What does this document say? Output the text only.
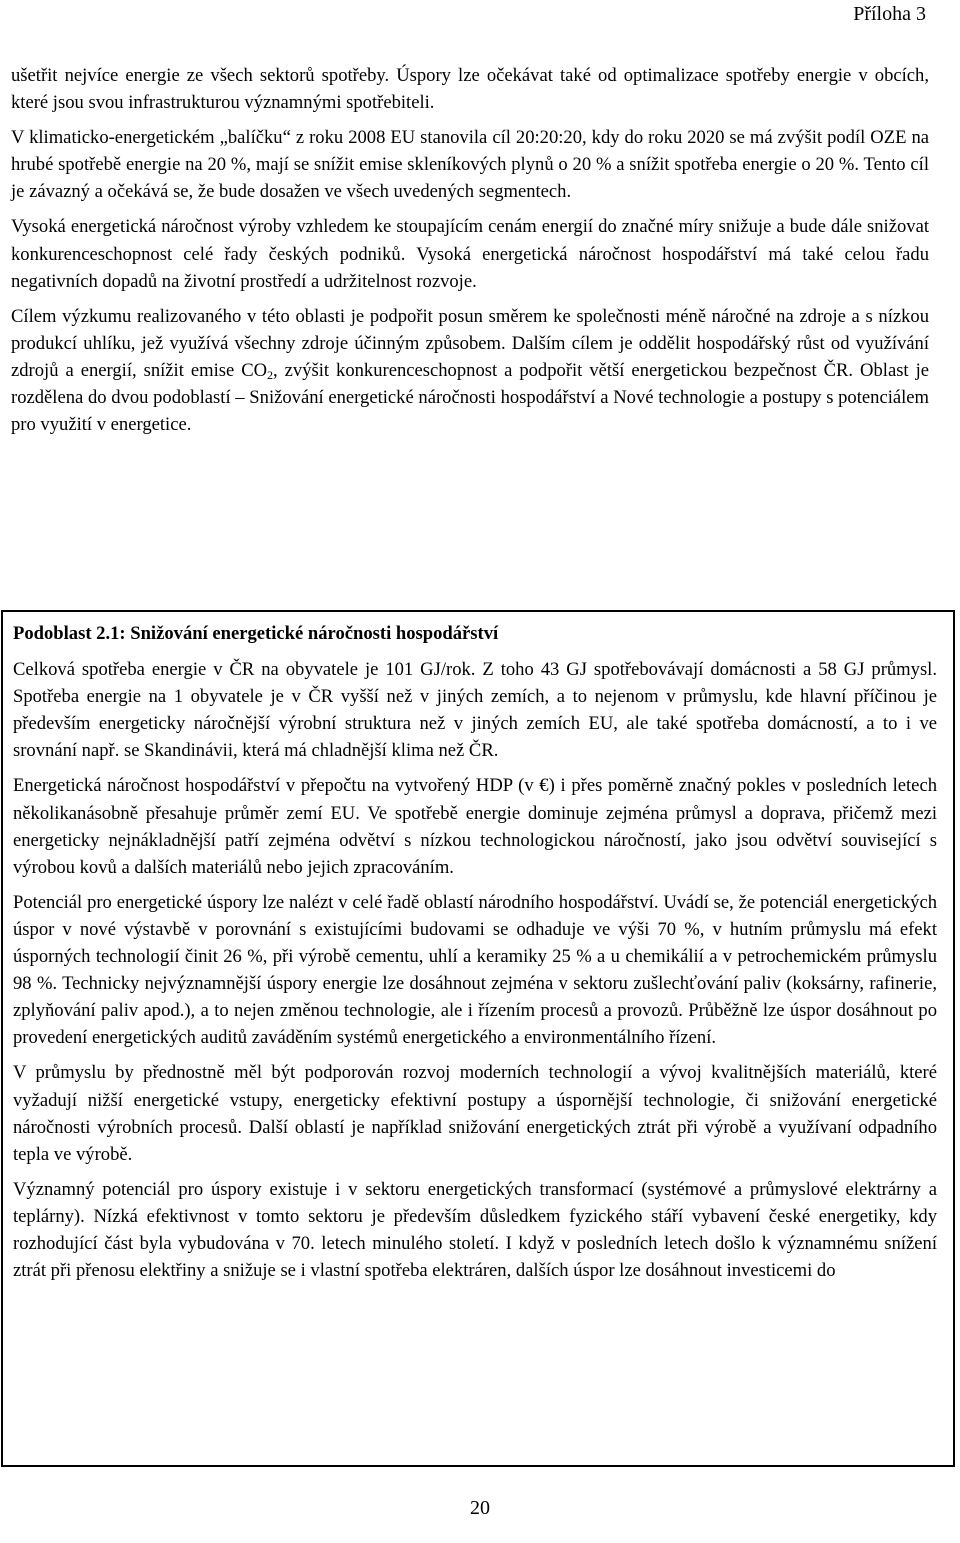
Příloha 3

ušetřit nejvíce energie ze všech sektorů spotřeby. Úspory lze očekávat také od optimalizace spotřeby energie v obcích, které jsou svou infrastrukturou významnými spotřebiteli.

V klimaticko-energetickém „balíčku“ z roku 2008 EU stanovila cíl 20:20:20, kdy do roku 2020 se má zvýšit podíl OZE na hrubé spotřebě energie na 20 %, mají se snížit emise skleníkových plynů o 20 % a snížit spotřeba energie o 20 %. Tento cíl je závazný a očekává se, že bude dosažen ve všech uvedených segmentech.

Vysoká energetická náročnost výroby vzhledem ke stoupajícím cenám energií do značné míry snižuje a bude dále snižovat konkurenceschopnost celé řady českých podniků. Vysoká energetická náročnost hospodářství má také celou řadu negativních dopadů na životní prostředí a udržitelnost rozvoje.

Cílem výzkumu realizovaného v této oblasti je podpořit posun směrem ke společnosti méně náročné na zdroje a s nízkou produkcí uhlíku, jež využívá všechny zdroje účinným způsobem. Dalším cílem je oddělit hospodářský růst od využívání zdrojů a energií, snížit emise $CO_2$, zvýšit konkurenceschopnost a podpořit větší energetickou bezpečnost ČR. Oblast je rozdělena do dvou podoblastí – Snižování energetické náročnosti hospodářství a Nové technologie a postupy s potenciálem pro využití v energetice.

Podoblast 2.1: Snižování energetické náročnosti hospodářství

Celková spotřeba energie v ČR na obyvatele je 101 GJ/rok. Z toho 43 GJ spotřebovávají domácnosti a 58 GJ průmysl. Spotřeba energie na 1 obyvatele je v ČR vyšší než v jiných zemích, a to nejenom v průmyslu, kde hlavní příčinou je především energeticky náročnější výrobní struktura než v jiných zemích EU, ale také spotřeba domácností, a to i ve srovnání např. se Skandinávii, která má chladnější klima než ČR.

Energetická náročnost hospodářství v přepočtu na vytvořený HDP (v €) i přes poměrně značný pokles v posledních letech několikanásobně přesahuje průměr zemí EU. Ve spotřebě energie dominuje zejména průmysl a doprava, přičemž mezi energeticky nejnákladnější patří zejména odvětví s nízkou technologickou náročností, jako jsou odvětví související s výrobou kovů a dalších materiálů nebo jejich zpracováním.

Potenciál pro energetické úspory lze nalézt v celé řadě oblastí národního hospodářství. Uvádí se, že potenciál energetických úspor v nové výstavbě v porovnání s existujícími budovami se odhaduje ve výši 70 %, v hutním průmyslu má efekt úsporných technologií činit 26 %, při výrobě cementu, uhlí a keramiky 25 % a u chemikálií a v petrochemickém průmyslu 98 %. Technicky nejvýznamnější úspory energie lze dosáhnout zejména v sektoru zušlechťování paliv (koksárny, rafinerie, zplyňování paliv apod.), a to nejen změnou technologie, ale i řízením procesů a provozů. Průběžně lze úspor dosáhnout po provedení energetických auditů zaváděním systémů energetického a environmentálního řízení.

V průmyslu by přednostně měl být podporován rozvoj moderních technologií a vývoj kvalitnějších materiálů, které vyžadují nižší energetické vstupy, energeticky efektivní postupy a úspornější technologie, či snižování energetické náročnosti výrobních procesů. Další oblastí je například snižování energetických ztrát při výrobě a využívaní odpadního tepla ve výrobě.

Významný potenciál pro úspory existuje i v sektoru energetických transformací (systémové a průmyslové elektrárny a teplárny). Nízká efektivnost v tomto sektoru je především důsledkem fyzického stáří vybavení české energetiky, kdy rozhodující část byla vybudována v 70. letech minulého století. I když v posledních letech došlo k významnému snížení ztrát při přenosu elektřiny a snižuje se i vlastní spotřeba elektráren, dalších úspor lze dosáhnout investicemi do

20
